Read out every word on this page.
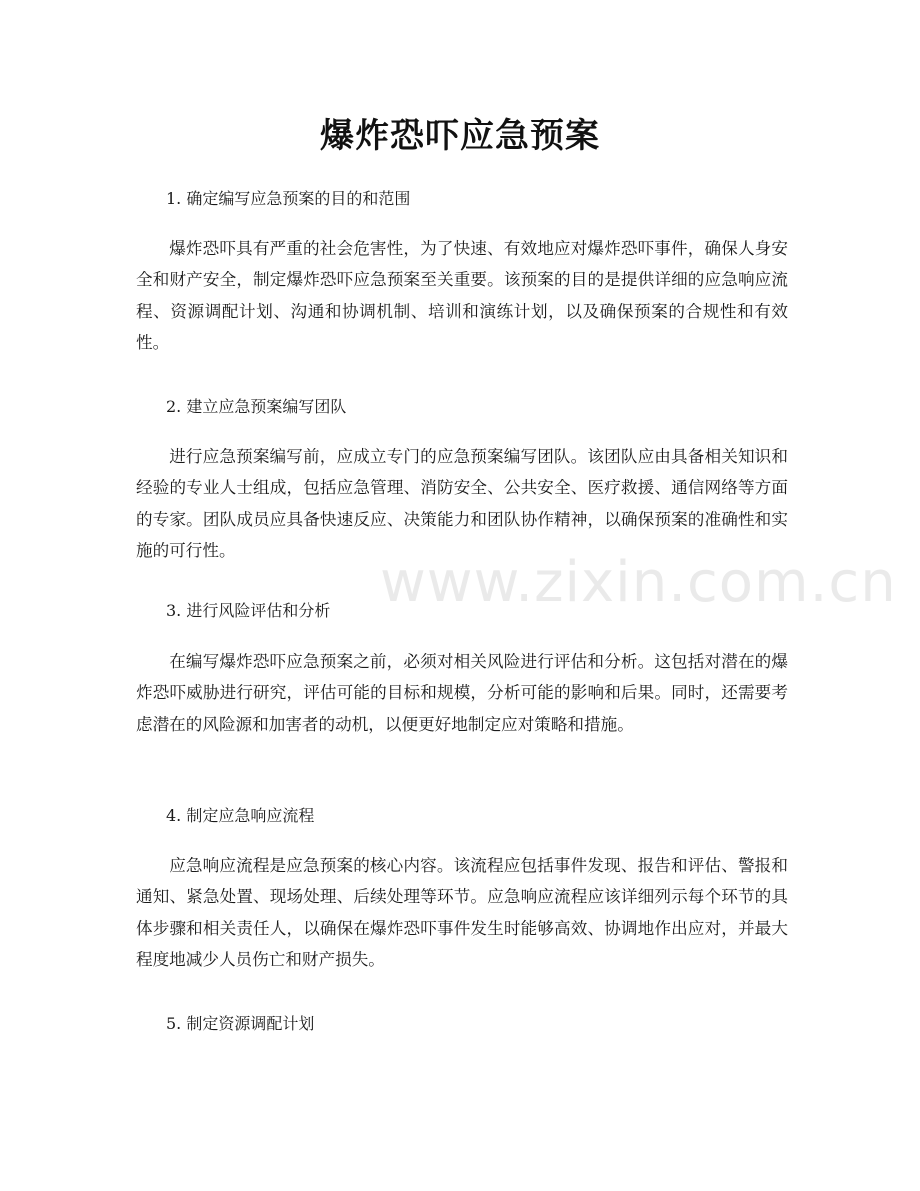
爆炸恐吓应急预案
1. 确定编写应急预案的目的和范围

爆炸恐吓具有严重的社会危害性，为了快速、有效地应对爆炸恐吓事件，确保人身安全和财产安全，制定爆炸恐吓应急预案至关重要。该预案的目的是提供详细的应急响应流程、资源调配计划、沟通和协调机制、培训和演练计划，以及确保预案的合规性和有效性。

2. 建立应急预案编写团队

进行应急预案编写前，应成立专门的应急预案编写团队。该团队应由具备相关知识和经验的专业人士组成，包括应急管理、消防安全、公共安全、医疗救援、通信网络等方面的专家。团队成员应具备快速反应、决策能力和团队协作精神，以确保预案的准确性和实施的可行性。

3. 进行风险评估和分析

在编写爆炸恐吓应急预案之前，必须对相关风险进行评估和分析。这包括对潜在的爆炸恐吓威胁进行研究，评估可能的目标和规模，分析可能的影响和后果。同时，还需要考虑潜在的风险源和加害者的动机，以便更好地制定应对策略和措施。

4. 制定应急响应流程

应急响应流程是应急预案的核心内容。该流程应包括事件发现、报告和评估、警报和通知、紧急处置、现场处理、后续处理等环节。应急响应流程应该详细列示每个环节的具体步骤和相关责任人，以确保在爆炸恐吓事件发生时能够高效、协调地作出应对，并最大程度地减少人员伤亡和财产损失。

5. 制定资源调配计划
www.zixin.com.cn
